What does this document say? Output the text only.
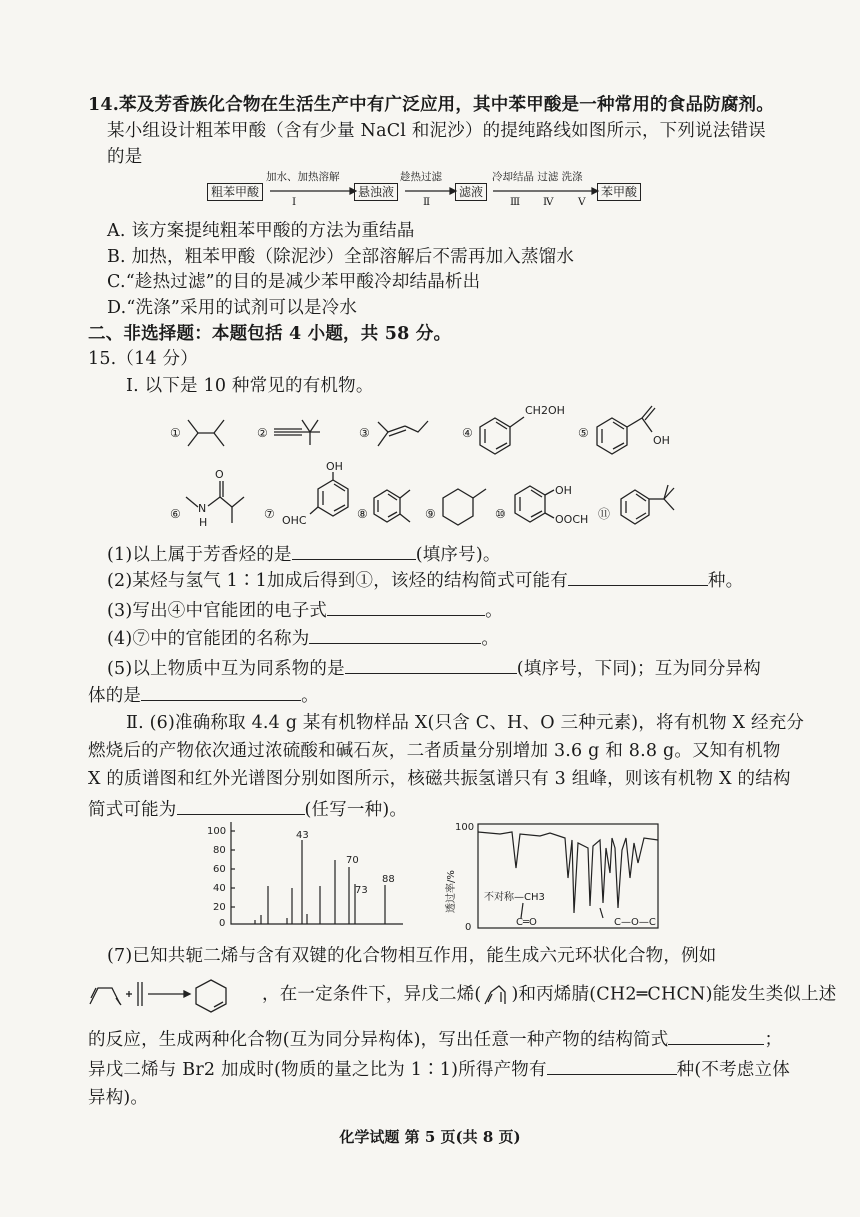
14.苯及芳香族化合物在生活生产中有广泛应用，其中苯甲酸是一种常用的食品防腐剂。
某小组设计粗苯甲酸（含有少量 NaCl 和泥沙）的提纯路线如图所示，下列说法错误
的是
粗苯甲酸
加水、加热溶解
Ⅰ
悬浊液
趁热过滤
Ⅱ
滤液
冷却结晶 过滤 洗涤
Ⅲ Ⅳ Ⅴ
苯甲酸
A. 该方案提纯粗苯甲酸的方法为重结晶
B. 加热，粗苯甲酸（除泥沙）全部溶解后不需再加入蒸馏水
C.“趁热过滤”的目的是减少苯甲酸冷却结晶析出
D.“洗涤”采用的试剂可以是冷水
二、非选择题：本题包括 4 小题，共 58 分。
15.（14 分）
Ⅰ. 以下是 10 种常见的有机物。
①	②	③	④	⑤
⑥	⑦	⑧	⑨	⑩	⑪
CH2OH
OH
O
N
H
OH
OHC
OH
OOCH
(1)以上属于芳香烃的是	(填序号)。
(2)某烃与氢气 1∶1加成后得到①，该烃的结构简式可能有	种。
(3)写出④中官能团的电子式	。
(4)⑦中的官能团的名称为	。
(5)以上物质中互为同系物的是	(填序号，下同)；互为同分异构
体的是	。
Ⅱ. (6)准确称取 4.4 g 某有机物样品 X(只含 C、H、O 三种元素)，将有机物 X 经充分
燃烧后的产物依次通过浓硫酸和碱石灰，二者质量分别增加 3.6 g 和 8.8 g。又知有机物
X 的质谱图和红外光谱图分别如图所示，核磁共振氢谱只有 3 组峰，则该有机物 X 的结构
简式可能为	(任写一种)。
100
80
60
40
20
0
43
70
73
88
100
0
不对称—CH3
C═O	C—O—C
透过率/%
(7)已知共轭二烯与含有双键的化合物相互作用，能生成六元环状化合物，例如
，在一定条件下，异戊二烯( )和丙烯腈(CH2═CHCN)能发生类似上述
的反应，生成两种化合物(互为同分异构体)，写出任意一种产物的结构简式	；
异戊二烯与 Br2 加成时(物质的量之比为 1∶1)所得产物有	种(不考虑立体
异构)。
化学试题 第 5 页(共 8 页)
